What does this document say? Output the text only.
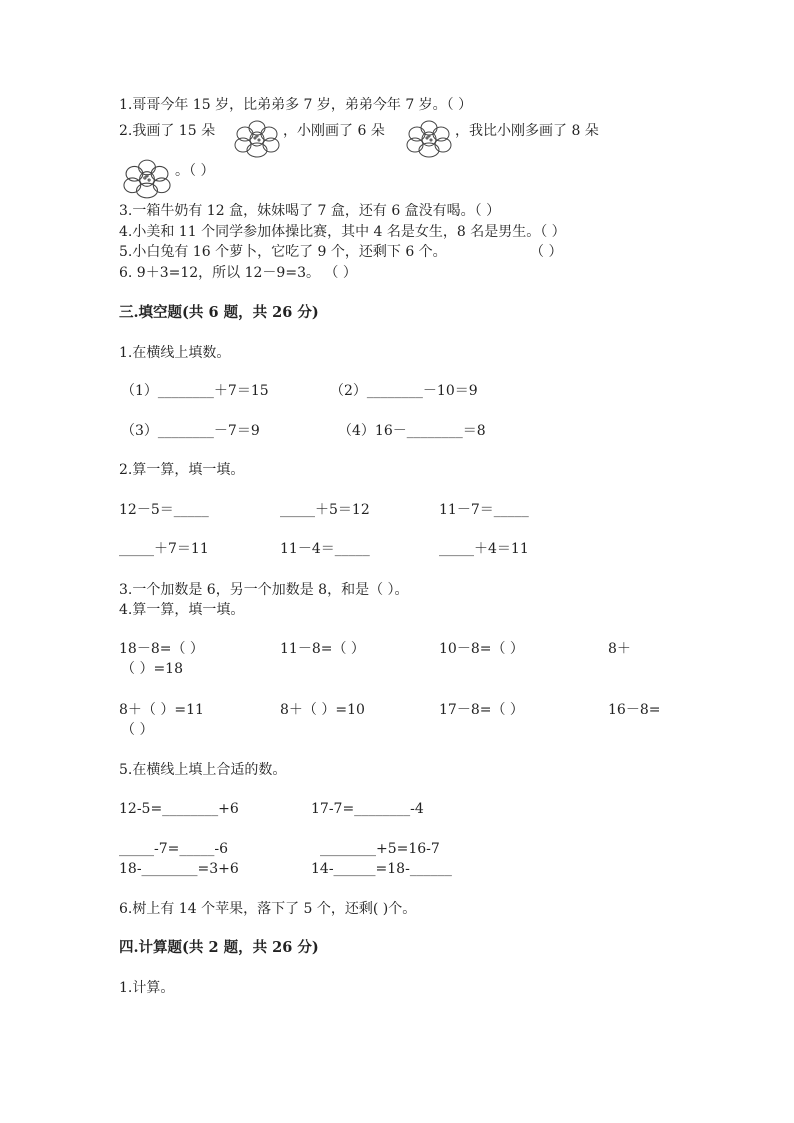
1.哥哥今年 15 岁，比弟弟多 7 岁，弟弟今年 7 岁。（ ）
2.我画了 15 朵	，小刚画了 6 朵	，我比小刚多画了 8 朵
。（ ）
3.一箱牛奶有 12 盒，妹妹喝了 7 盒，还有 6 盒没有喝。（ ）
4.小美和 11 个同学参加体操比赛，其中 4 名是女生，8 名是男生。（ ）
5.小白兔有 16 个萝卜，它吃了 9 个，还剩下 6 个。	（ ）
6. 9＋3=12，所以 12－9=3。 （ ）
三.填空题(共 6 题，共 26 分)
1.在横线上填数。
（1）________＋7＝15	（2）________－10＝9
（3）________－7＝9	（4）16－________＝8
2.算一算，填一填。
12－5＝_____	_____＋5＝12	11－7＝_____
_____＋7＝11	11－4＝_____	_____＋4＝11
3.一个加数是 6，另一个加数是 8，和是（ ）。
4.算一算，填一填。
18－8=（ ）	11－8=（ ）	10－8=（ ）	8＋
（ ）=18
8＋（ ）=11	8＋（ ）=10	17－8=（ ）	16－8=
（ ）
5.在横线上填上合适的数。
12-5=________+6	17-7=________-4
_____-7=_____-6	________+5=16-7
18-________=3+6	14-______=18-______
6.树上有 14 个苹果，落下了 5 个，还剩( )个。
四.计算题(共 2 题，共 26 分)
1.计算。
